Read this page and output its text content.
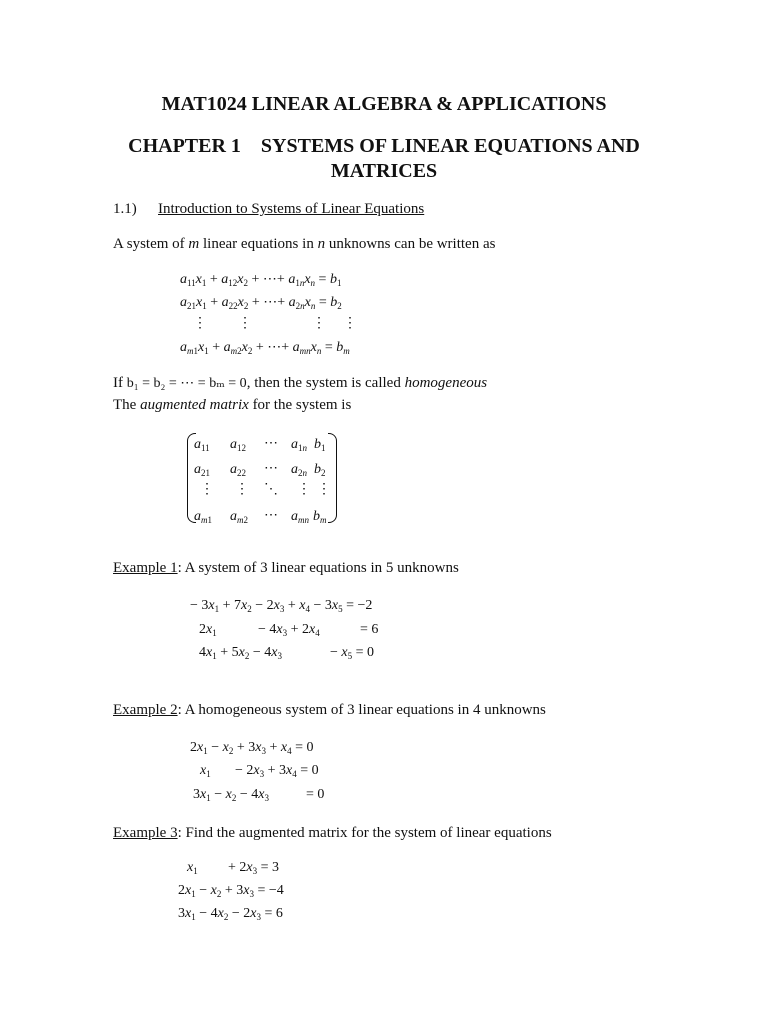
MAT1024 LINEAR ALGEBRA & APPLICATIONS
CHAPTER 1    SYSTEMS OF LINEAR EQUATIONS AND
MATRICES
1.1) Introduction to Systems of Linear Equations
A system of m linear equations in n unknowns can be written as
$a_{11}x_1 + a_{12}x_2$ + ⋯+ $a_{1n}x_n = b_1$
$a_{21}x_1 + a_{22}x_2$ + ⋯+ $a_{2n}x_n = b_2$
⋮ ⋮	⋮ ⋮
$a_{m1}x_1 + a_{m2}x_2$ + ⋯+ $a_{mn}x_n = b_m$
If b₁ = b₂ = ⋯ = bₘ = 0, then the system is called homogeneous
The augmented matrix for the system is
$a_{11}$ $a_{12}$ ⋯ $a_{1n}$ $b_1$
$a_{21}$ $a_{22}$ ⋯ $a_{2n}$ $b_2$
⋮ ⋮ ⋱ ⋮ ⋮
$a_{m1}$ $a_{m2}$ ⋯ $a_{mn}$ $b_m$
Example 1: A system of 3 linear equations in 5 unknowns
− $3x_1 + 7x_2 - 2x_3 + x_4 - 3x_5 = -2$
$2x_1$	− $4x_3 + 2x_4$	= 6
$4x_1 + 5x_2 - 4x_3$	− $x_5 = 0$
Example 2: A homogeneous system of 3 linear equations in 4 unknowns
$2x_1 - x_2 + 3x_3 + x_4 = 0$
$x_1 - 2x_3 + 3x_4 = 0$
$3x_1 - x_2 - 4x_3$	= 0
Example 3: Find the augmented matrix for the system of linear equations
$x_1 + 2x_3 = 3$
$2x_1 - x_2 + 3x_3 = -4$
$3x_1 - 4x_2 - 2x_3 = 6$
